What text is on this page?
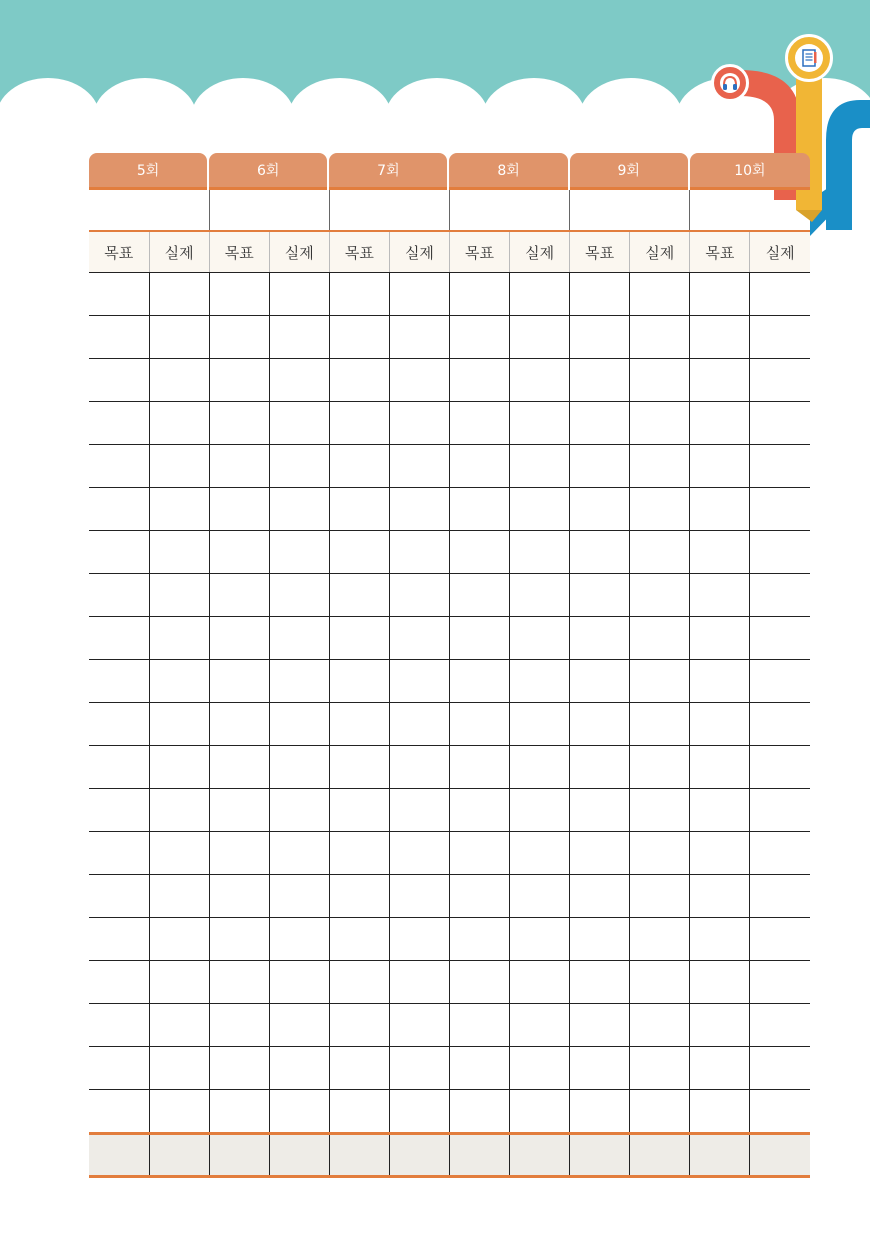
5회	6회	7회	8회	9회	10회

목표	실제	목표	실제	목표	실제	목표	실제	목표	실제	목표	실제
